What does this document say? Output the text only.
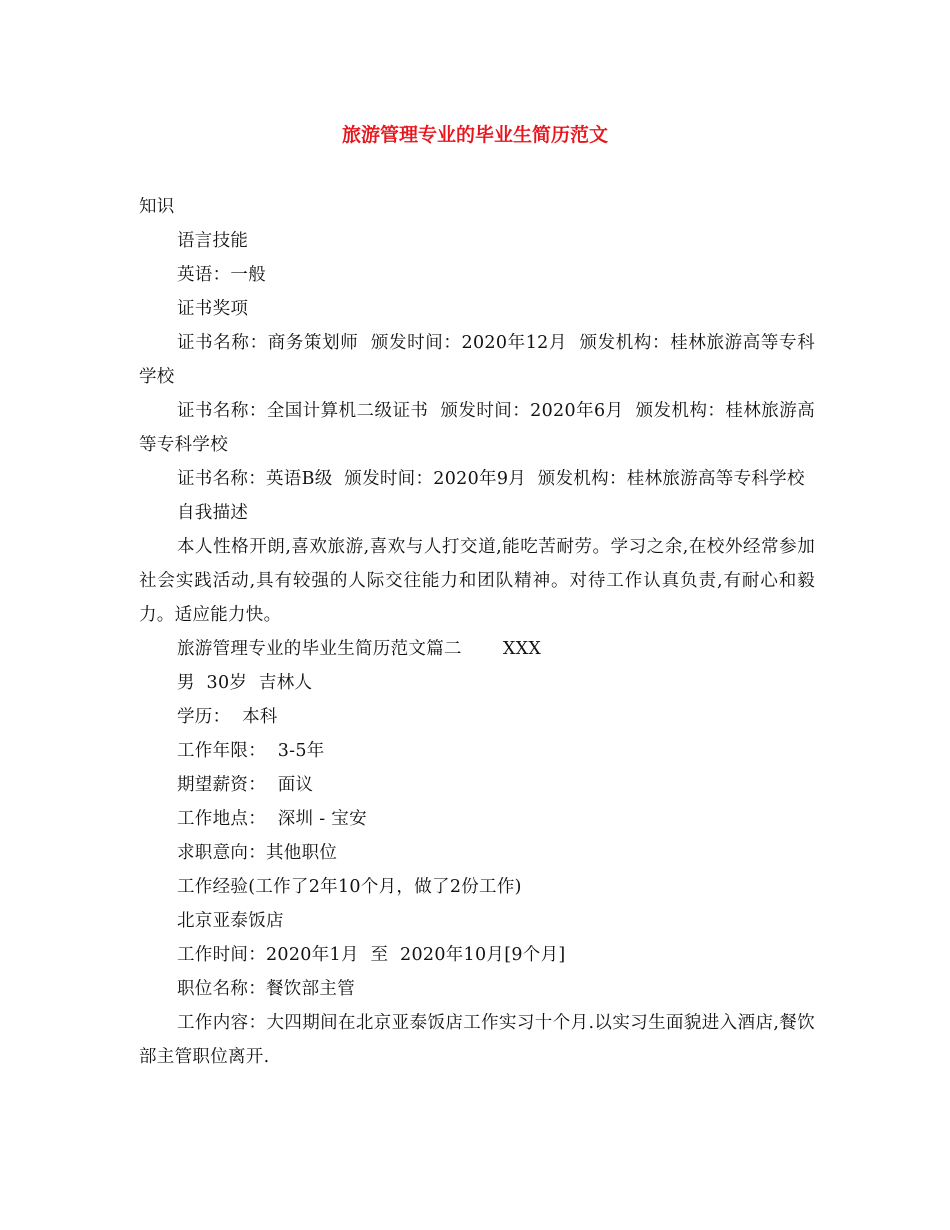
旅游管理专业的毕业生简历范文

知识

语言技能

英语：一般

证书奖项

证书名称：商务策划师  颁发时间：2020年12月  颁发机构：桂林旅游高等专科学校

证书名称：全国计算机二级证书  颁发时间：2020年6月  颁发机构：桂林旅游高等专科学校

证书名称：英语B级  颁发时间：2020年9月  颁发机构：桂林旅游高等专科学校

自我描述

本人性格开朗,喜欢旅游,喜欢与人打交道,能吃苦耐劳。学习之余,在校外经常参加社会实践活动,具有较强的人际交往能力和团队精神。对待工作认真负责,有耐心和毅力。适应能力快。

旅游管理专业的毕业生简历范文篇二       XXX

男  30岁  吉林人

学历：  本科

工作年限：  3-5年

期望薪资：  面议

工作地点：  深圳 - 宝安

求职意向：其他职位

工作经验(工作了2年10个月，做了2份工作)

北京亚泰饭店

工作时间：2020年1月  至  2020年10月[9个月]

职位名称：餐饮部主管

工作内容：大四期间在北京亚泰饭店工作实习十个月.以实习生面貌进入酒店,餐饮部主管职位离开.
